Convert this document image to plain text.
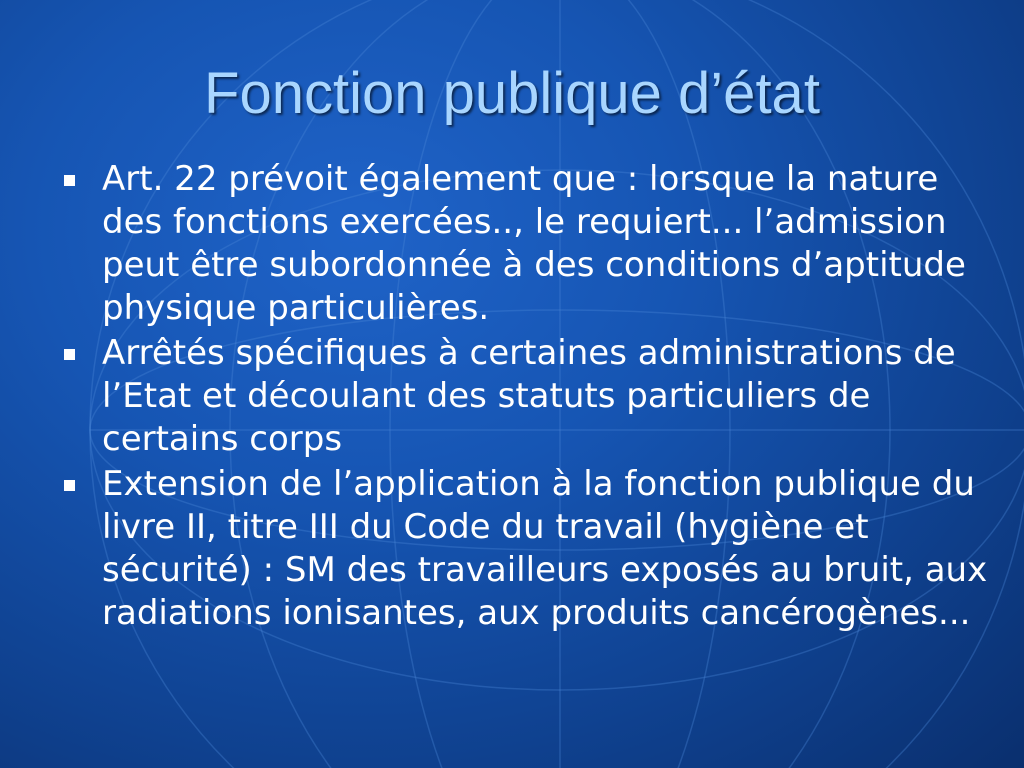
Fonction publique d’état
Art. 22 prévoit également que : lorsque la nature des fonctions exercées.., le requiert... l’admission peut être subordonnée à des conditions d’aptitude physique particulières.
Arrêtés spécifiques à certaines administrations de l’Etat et découlant des statuts particuliers de certains corps
Extension de l’application à la fonction publique du livre II, titre III du Code du travail (hygiène et sécurité) : SM des travailleurs exposés au bruit, aux radiations ionisantes, aux produits cancérogènes...
